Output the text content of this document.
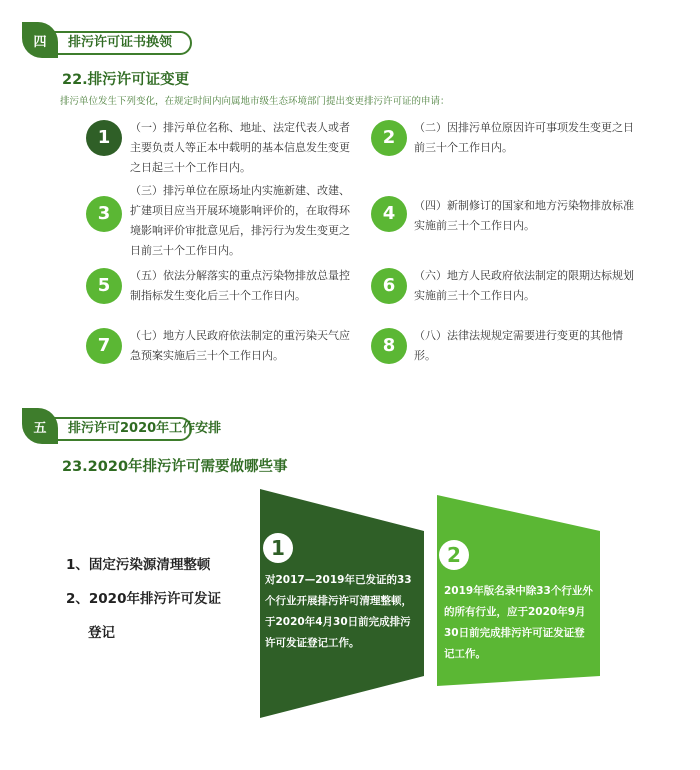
四 排污许可证书换领
22.排污许可证变更
排污单位发生下列变化，在规定时间内向属地市级生态环境部门提出变更排污许可证的申请：
1	（一）排污单位名称、地址、法定代表人或者主要负责人等正本中载明的基本信息发生变更之日起三十个工作日内。
2	（二）因排污单位原因许可事项发生变更之日前三十个工作日内。
3
（三）排污单位在原场址内实施新建、改建、扩建项目应当开展环境影响评价的，在取得环境影响评价审批意见后，排污行为发生变更之日前三十个工作日内。
4	（四）新制修订的国家和地方污染物排放标准实施前三十个工作日内。
5	（五）依法分解落实的重点污染物排放总量控制指标发生变化后三十个工作日内。	6	（六）地方人民政府依法制定的限期达标规划实施前三十个工作日内。
7	（七）地方人民政府依法制定的重污染天气应急预案实施后三十个工作日内。	8	（八）法律法规规定需要进行变更的其他情形。
五 排污许可2020年工作安排
23.2020年排污许可需要做哪些事
1、固定污染源清理整顿
2、2020年排污许可发证
登记
1
对2017—2019年已发证的33个行业开展排污许可清理整顿，于2020年4月30日前完成排污许可发证登记工作。
2
2019年版名录中除33个行业外的所有行业，应于2020年9月30日前完成排污许可证发证登记工作。
